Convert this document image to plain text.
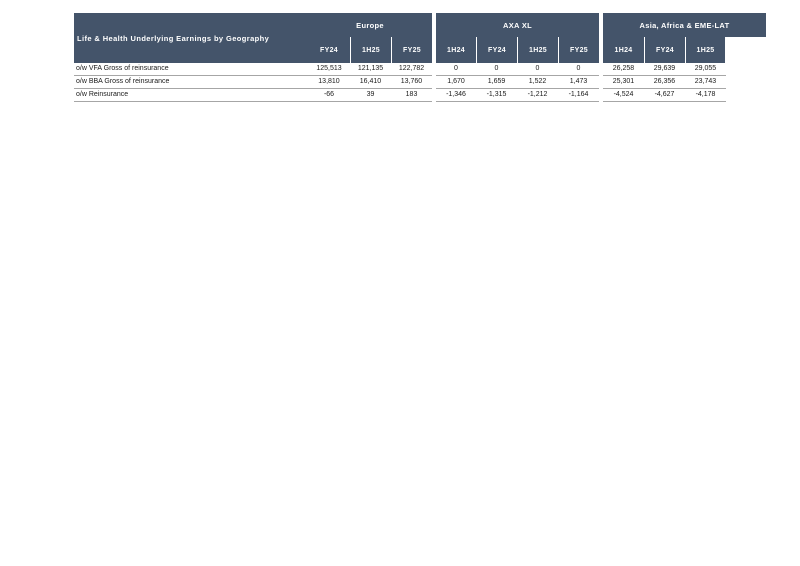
Life & Health Underlying Earnings by Geography
Europe	AXA XL	Asia, Africa & EME-LAT
FY24	1H25	FY25	1H24	FY24	1H25	FY25	1H24	FY24	1H25
o/w VFA Gross of reinsurance	125,513	121,135	122,782	0	0	0	0	26,258	29,639	29,055
o/w BBA Gross of reinsurance	13,810	16,410	13,760	1,670	1,659	1,522	1,473	25,301	26,356	23,743
o/w Reinsurance	-66	39	183	-1,346	-1,315	-1,212	-1,164	-4,524	-4,627	-4,178
